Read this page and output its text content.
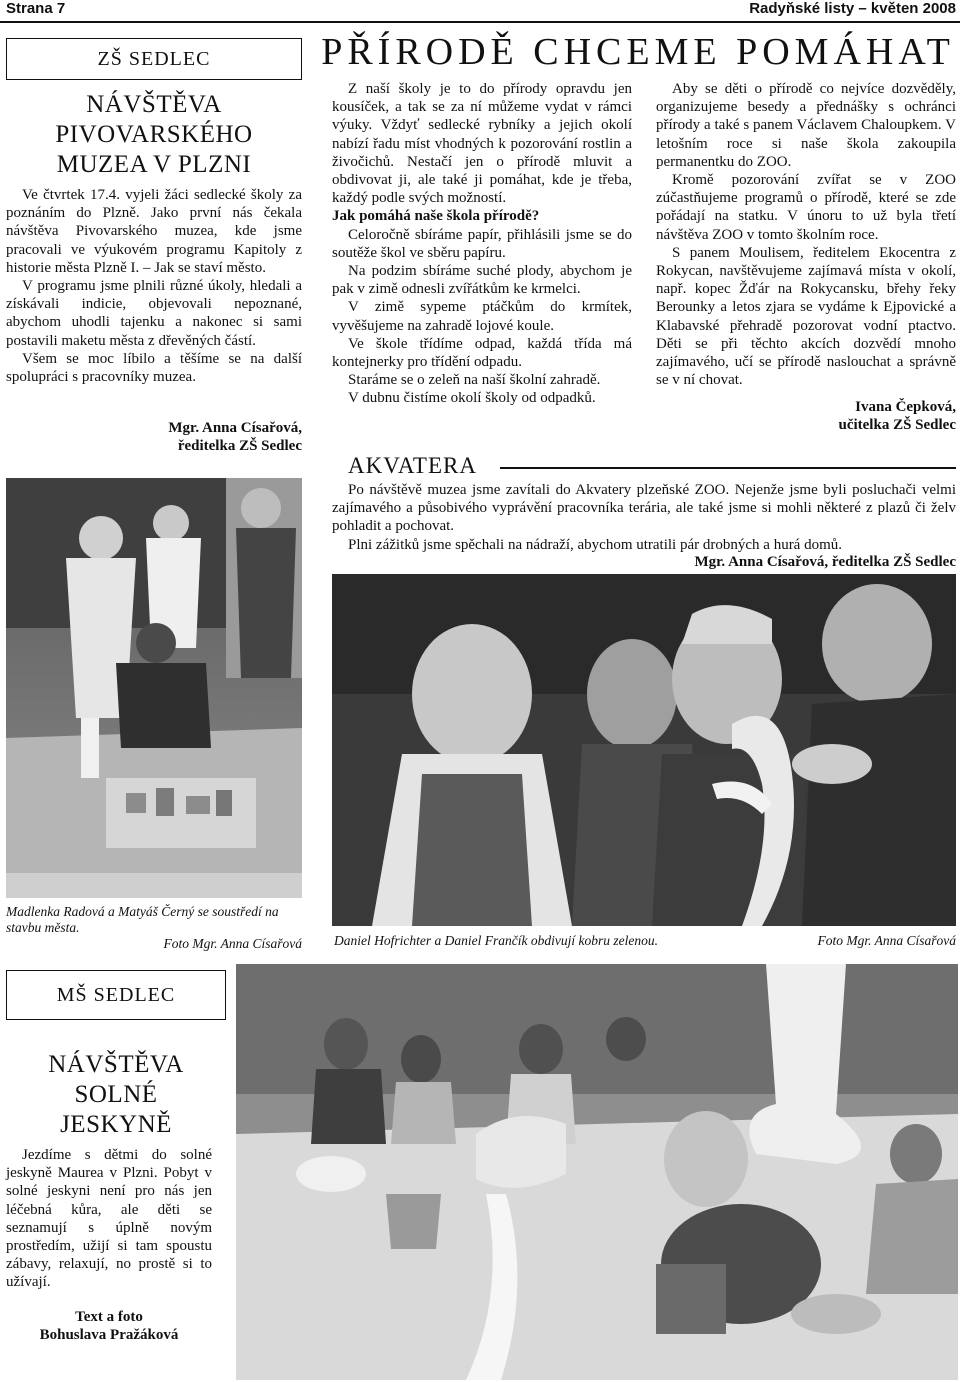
Strana 7	Radyňské listy – květen 2008
ZŠ SEDLEC
NÁVŠTĚVA
PIVOVARSKÉHO
MUZEA V PLZNI

Ve čtvrtek 17.4. vyjeli žáci sedlecké školy za poznáním do Plzně. Jako první nás čekala návštěva Pivovarského muzea, kde jsme pracovali ve výukovém programu Kapitoly z historie města Plzně I. – Jak se staví město.

V programu jsme plnili různé úkoly, hledali a získávali indicie, objevovali nepoznané, abychom uhodli tajenku a nakonec si sami postavili maketu města z dřevěných částí.

Všem se moc líbilo a těšíme se na další spolupráci s pracovníky muzea.

Mgr. Anna Císařová,
ředitelka ZŠ Sedlec
Madlenka Radová a Matyáš Černý se soustředí na stavbu města.
Foto Mgr. Anna Císařová
PŘÍRODĚ CHCEME POMÁHAT

Z naší školy je to do přírody opravdu jen kousíček, a tak se za ní můžeme vydat v rámci výuky. Vždyť sedlecké rybníky a jejich okolí nabízí řadu míst vhodných k pozorování rostlin a živočichů. Nestačí jen o přírodě mluvit a obdivovat ji, ale také ji pomáhat, kde je třeba, každý podle svých možností.

Jak pomáhá naše škola přírodě?

Celoročně sbíráme papír, přihlásili jsme se do soutěže škol ve sběru papíru.

Na podzim sbíráme suché plody, abychom je pak v zimě odnesli zvířátkům ke krmelci.

V zimě sypeme ptáčkům do krmítek, vyvěšujeme na zahradě lojové koule.

Ve škole třídíme odpad, každá třída má kontejnerky pro třídění odpadu.

Staráme se o zeleň na naší školní zahradě.

V dubnu čistíme okolí školy od odpadků.

Aby se děti o přírodě co nejvíce dozvěděly, organizujeme besedy a přednášky s ochránci přírody a také s panem Václavem Chaloupkem. V letošním roce si naše škola zakoupila permanentku do ZOO.

Kromě pozorování zvířat se v ZOO zúčastňujeme programů o přírodě, které se zde pořádají na statku. V únoru to už byla třetí návštěva ZOO v tomto školním roce.

S panem Moulisem, ředitelem Ekocentra z Rokycan, navštěvujeme zajímavá místa v okolí, např. kopec Žďár na Rokycansku, břehy řeky Berounky a letos zjara se vydáme k Ejpovické a Klabavské přehradě pozorovat vodní ptactvo. Děti se při těchto akcích dozvědí mnoho zajímavého, učí se přírodě naslouchat a správně se v ní chovat.

Ivana Čepková,
učitelka ZŠ Sedlec
AKVATERA

Po návštěvě muzea jsme zavítali do Akvatery plzeňské ZOO. Nejenže jsme byli posluchači velmi zajímavého a působivého vyprávění pracovníka terária, ale také jsme si mohli některé z plazů či želv pohladit a pochovat.

Plni zážitků jsme spěchali na nádraží, abychom utratili pár drobných a hurá domů.

Mgr. Anna Císařová, ředitelka ZŠ Sedlec
Daniel Hofrichter a Daniel Frančík obdivují kobru zelenou.	Foto Mgr. Anna Císařová
MŠ SEDLEC
NÁVŠTĚVA
SOLNÉ
JESKYNĚ

Jezdíme s dětmi do solné jeskyně Maurea v Plzni. Pobyt v solné jeskyni není pro nás jen léčebná kůra, ale děti se seznamují s úplně novým prostředím, užijí si tam spoustu zábavy, relaxují, no prostě si to užívají.

Text a foto
Bohuslava Pražáková
